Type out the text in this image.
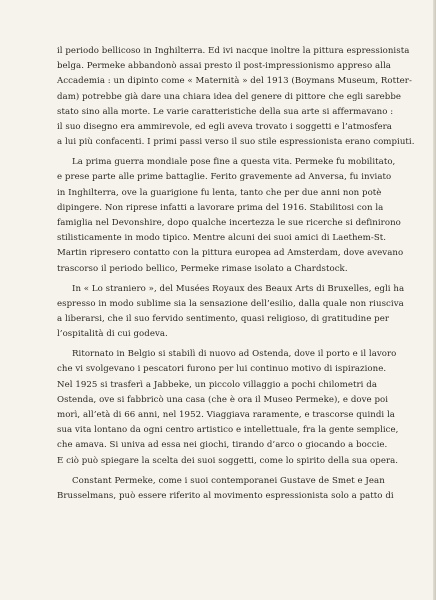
il periodo bellicoso in Inghilterra. Ed ivi nacque inoltre la pittura espressionista
belga. Permeke abbandonò assai presto il post-impressionismo appreso alla
Accademia : un dipinto come « Maternità » del 1913 (Boymans Museum, Rotter-
dam) potrebbe già dare una chiara idea del genere di pittore che egli sarebbe
stato sino alla morte. Le varie caratteristiche della sua arte si affermavano :
il suo disegno era ammirevole, ed egli aveva trovato i soggetti e l’atmosfera
a lui più confacenti. I primi passi verso il suo stile espressionista erano compiuti.
La prima guerra mondiale pose fine a questa vita. Permeke fu mobilitato,
e prese parte alle prime battaglie. Ferito gravemente ad Anversa, fu inviato
in Inghilterra, ove la guarigione fu lenta, tanto che per due anni non potè
dipingere. Non riprese infatti a lavorare prima del 1916. Stabilitosi con la
famiglia nel Devonshire, dopo qualche incertezza le sue ricerche si definirono
stilisticamente in modo tipico. Mentre alcuni dei suoi amici di Laethem-St.
Martin ripresero contatto con la pittura europea ad Amsterdam, dove avevano
trascorso il periodo bellico, Permeke rimase isolato a Chardstock.
In « Lo straniero », del Musées Royaux des Beaux Arts di Bruxelles, egli ha
espresso in modo sublime sia la sensazione dell’esilio, dalla quale non riusciva
a liberarsi, che il suo fervido sentimento, quasi religioso, di gratitudine per
l’ospitalità di cui godeva.
Ritornato in Belgio si stabilì di nuovo ad Ostenda, dove il porto e il lavoro
che vi svolgevano i pescatori furono per lui continuo motivo di ispirazione.
Nel 1925 si trasferì a Jabbeke, un piccolo villaggio a pochi chilometri da
Ostenda, ove si fabbricò una casa (che è ora il Museo Permeke), e dove poi
morì, all’età di 66 anni, nel 1952. Viaggiava raramente, e trascorse quindi la
sua vita lontano da ogni centro artistico e intellettuale, fra la gente semplice,
che amava. Si univa ad essa nei giochi, tirando d’arco o giocando a boccie.
E ciò può spiegare la scelta dei suoi soggetti, come lo spirito della sua opera.
Constant Permeke, come i suoi contemporanei Gustave de Smet e Jean
Brusselmans, può essere riferito al movimento espressionista solo a patto di
